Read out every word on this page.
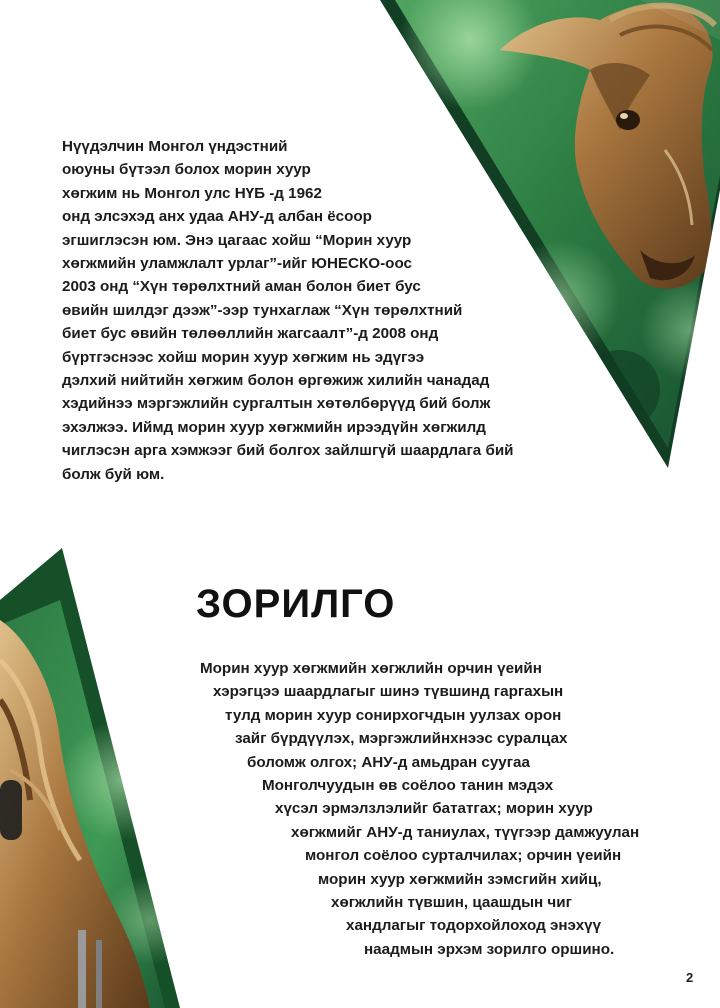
Нүүдэлчин Монгол үндэстний
оюуны бүтээл болох морин хуур
хөгжим нь Монгол улс НҮБ -д 1962
онд элсэхэд анх удаа АНУ-д албан ёсоор
эгшиглэсэн юм. Энэ цагаас хойш “Морин хуур
хөгжмийн уламжлалт урлаг”-ийг ЮНЕСКО-оос
2003 онд “Хүн төрөлхтний аман болон биет бус
өвийн шилдэг дээж”-ээр тунхаглаж “Хүн төрөлхтний
биет бус өвийн төлөөллийн жагсаалт”-д 2008 онд
бүртгэснээс хойш морин хуур хөгжим нь эдүгээ
дэлхий нийтийн хөгжим болон өргөжиж хилийн чанадад
хэдийнээ мэргэжлийн сургалтын хөтөлбөрүүд бий болж
эхэлжээ. Иймд морин хуур хөгжмийн ирээдүйн хөгжилд
чиглэсэн арга хэмжээг бий болгох зайлшгүй шаардлага бий
болж буй юм.
ЗОРИЛГО
Морин хуур хөгжмийн хөгжлийн орчин үеийн
хэрэгцээ шаардлагыг шинэ түвшинд гаргахын
тулд морин хуур сонирхогчдын уулзах орон
зайг бүрдүүлэх, мэргэжлийнхнээс суралцах
боломж олгох; АНУ-д амьдран суугаа
Монголчуудын өв соёлоо танин мэдэх
хүсэл эрмэлзлэлийг бататгах; морин хуур
хөгжмийг АНУ-д таниулах, түүгээр дамжуулан
монгол соёлоо сурталчилах; орчин үеийн
морин хуур хөгжмийн зэмсгийн хийц,
хөгжлийн түвшин, цаашдын чиг
хандлагыг тодорхойлоход энэхүү
наадмын эрхэм зорилго оршино.
2
